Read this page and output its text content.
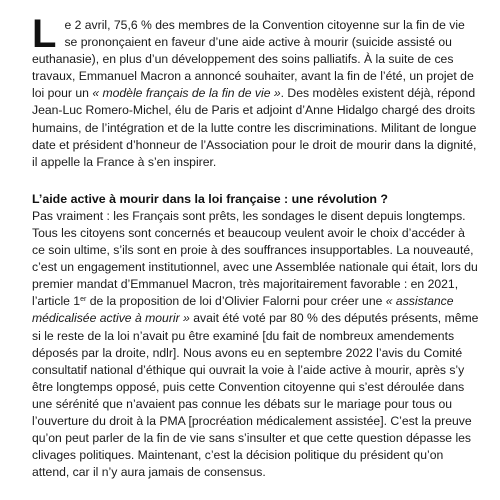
Le 2 avril, 75,6 % des membres de la Convention citoyenne sur la fin de vie se prononçaient en faveur d’une aide active à mourir (suicide assisté ou euthanasie), en plus d’un développement des soins palliatifs. À la suite de ces travaux, Emmanuel Macron a annoncé souhaiter, avant la fin de l’été, un projet de loi pour un « modèle français de la fin de vie ». Des modèles existent déjà, répond Jean-Luc Romero-Michel, élu de Paris et adjoint d’Anne Hidalgo chargé des droits humains, de l’intégration et de la lutte contre les discriminations. Militant de longue date et président d’honneur de l’Association pour le droit de mourir dans la dignité, il appelle la France à s’en inspirer.

L’aide active à mourir dans la loi française : une révolution ?

Pas vraiment : les Français sont prêts, les sondages le disent depuis longtemps. Tous les citoyens sont concernés et beaucoup veulent avoir le choix d’accéder à ce soin ultime, s’ils sont en proie à des souffrances insupportables. La nouveauté, c’est un engagement institutionnel, avec une Assemblée nationale qui était, lors du premier mandat d’Emmanuel Macron, très majoritairement favorable : en 2021, l’article 1er de la proposition de loi d’Olivier Falorni pour créer une « assistance médicalisée active à mourir » avait été voté par 80 % des députés présents, même si le reste de la loi n’avait pu être examiné [du fait de nombreux amendements déposés par la droite, ndlr]. Nous avons eu en septembre 2022 l’avis du Comité consultatif national d’éthique qui ouvrait la voie à l’aide active à mourir, après s’y être longtemps opposé, puis cette Convention citoyenne qui s’est déroulée dans une sérénité que n’avaient pas connue les débats sur le mariage pour tous ou l’ouverture du droit à la PMA [procréation médicalement assistée]. C’est la preuve qu’on peut parler de la fin de vie sans s’insulter et que cette question dépasse les clivages politiques. Maintenant, c’est la décision politique du président qu’on attend, car il n’y aura jamais de consensus.
